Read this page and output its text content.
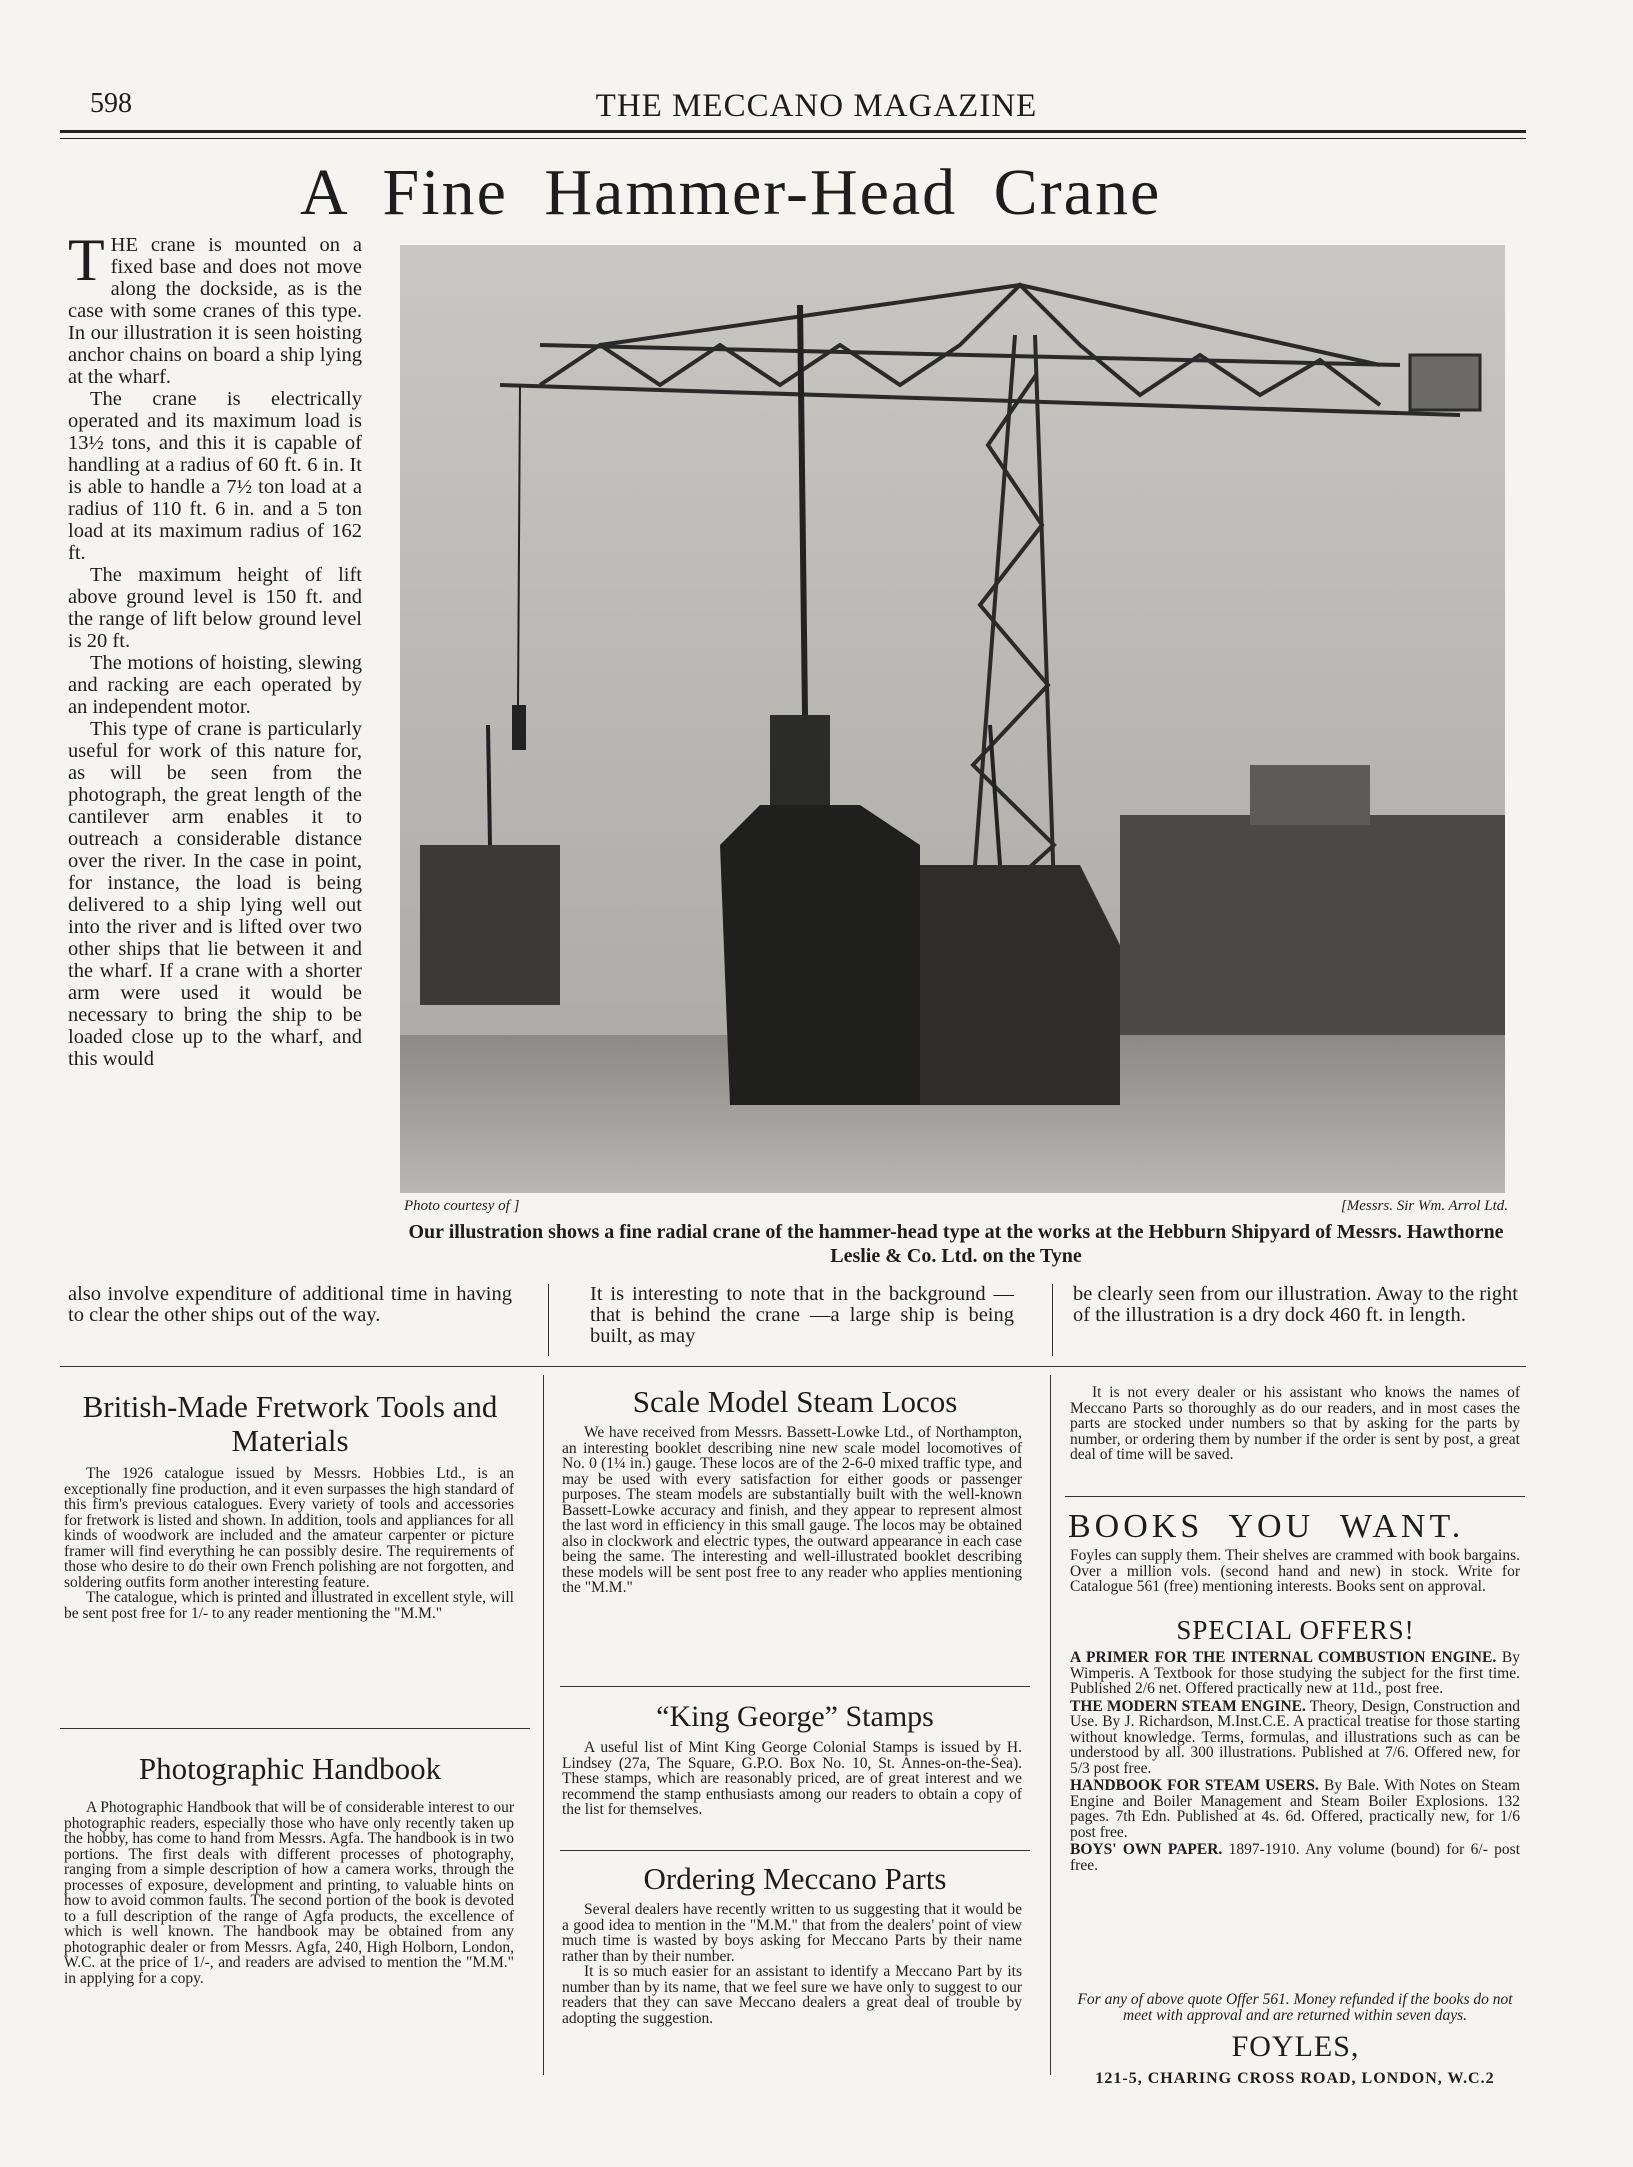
598	THE MECCANO MAGAZINE
A Fine Hammer-Head Crane

THE crane is mounted on a fixed base and does not move along the dockside, as is the case with some cranes of this type. In our illustration it is seen hoisting anchor chains on board a ship lying at the wharf.

The crane is electrically operated and its maximum load is 13½ tons, and this it is capable of handling at a radius of 60 ft. 6 in. It is able to handle a 7½ ton load at a radius of 110 ft. 6 in. and a 5 ton load at its maximum radius of 162 ft.

The maximum height of lift above ground level is 150 ft. and the range of lift below ground level is 20 ft.

The motions of hoisting, slewing and racking are each operated by an independent motor.

This type of crane is particularly useful for work of this nature for, as will be seen from the photograph, the great length of the cantilever arm enables it to outreach a considerable distance over the river. In the case in point, for instance, the load is being delivered to a ship lying well out into the river and is lifted over two other ships that lie between it and the wharf. If a crane with a shorter arm were used it would be necessary to bring the ship to be loaded close up to the wharf, and this would

Photo courtesy of ]	[Messrs. Sir Wm. Arrol Ltd.
Our illustration shows a fine radial crane of the hammer-head type at the works at the Hebburn Shipyard of Messrs. Hawthorne Leslie & Co. Ltd. on the Tyne
also involve expenditure of additional time in having to clear the other ships out of the way.
It is interesting to note that in the background — that is behind the crane —a large ship is being built, as may
be clearly seen from our illustration. Away to the right of the illustration is a dry dock 460 ft. in length.
British-Made Fretwork Tools and Materials

The 1926 catalogue issued by Messrs. Hobbies Ltd., is an exceptionally fine production, and it even surpasses the high standard of this firm's previous catalogues. Every variety of tools and accessories for fretwork is listed and shown. In addition, tools and appliances for all kinds of woodwork are included and the amateur carpenter or picture framer will find everything he can possibly desire. The requirements of those who desire to do their own French polishing are not forgotten, and soldering outfits form another interesting feature.

The catalogue, which is printed and illustrated in excellent style, will be sent post free for 1/- to any reader mentioning the "M.M."

Photographic Handbook

A Photographic Handbook that will be of considerable interest to our photographic readers, especially those who have only recently taken up the hobby, has come to hand from Messrs. Agfa. The handbook is in two portions. The first deals with different processes of photography, ranging from a simple description of how a camera works, through the processes of exposure, development and printing, to valuable hints on how to avoid common faults. The second portion of the book is devoted to a full description of the range of Agfa products, the excellence of which is well known. The handbook may be obtained from any photographic dealer or from Messrs. Agfa, 240, High Holborn, London, W.C. at the price of 1/-, and readers are advised to mention the "M.M." in applying for a copy.

Scale Model Steam Locos

We have received from Messrs. Bassett-Lowke Ltd., of Northampton, an interesting booklet describing nine new scale model locomotives of No. 0 (1¼ in.) gauge. These locos are of the 2-6-0 mixed traffic type, and may be used with every satisfaction for either goods or passenger purposes. The steam models are substantially built with the well-known Bassett-Lowke accuracy and finish, and they appear to represent almost the last word in efficiency in this small gauge. The locos may be obtained also in clockwork and electric types, the outward appearance in each case being the same. The interesting and well-illustrated booklet describing these models will be sent post free to any reader who applies mentioning the "M.M."

“King George” Stamps

A useful list of Mint King George Colonial Stamps is issued by H. Lindsey (27a, The Square, G.P.O. Box No. 10, St. Annes-on-the-Sea). These stamps, which are reasonably priced, are of great interest and we recommend the stamp enthusiasts among our readers to obtain a copy of the list for themselves.

Ordering Meccano Parts

Several dealers have recently written to us suggesting that it would be a good idea to mention in the "M.M." that from the dealers' point of view much time is wasted by boys asking for Meccano Parts by their name rather than by their number.

It is so much easier for an assistant to identify a Meccano Part by its number than by its name, that we feel sure we have only to suggest to our readers that they can save Meccano dealers a great deal of trouble by adopting the suggestion.

It is not every dealer or his assistant who knows the names of Meccano Parts so thoroughly as do our readers, and in most cases the parts are stocked under numbers so that by asking for the parts by number, or ordering them by number if the order is sent by post, a great deal of time will be saved.

BOOKS YOU WANT.
Foyles can supply them. Their shelves are crammed with book bargains. Over a million vols. (second hand and new) in stock. Write for Catalogue 561 (free) mentioning interests. Books sent on approval.
SPECIAL OFFERS!
A PRIMER FOR THE INTERNAL COMBUSTION ENGINE. By Wimperis. A Textbook for those studying the subject for the first time. Published 2/6 net. Offered practically new at 11d., post free.
THE MODERN STEAM ENGINE. Theory, Design, Construction and Use. By J. Richardson, M.Inst.C.E. A practical treatise for those starting without knowledge. Terms, formulas, and illustrations such as can be understood by all. 300 illustrations. Published at 7/6. Offered new, for 5/3 post free.
HANDBOOK FOR STEAM USERS. By Bale. With Notes on Steam Engine and Boiler Management and Steam Boiler Explosions. 132 pages. 7th Edn. Published at 4s. 6d. Offered, practically new, for 1/6 post free.
BOYS' OWN PAPER. 1897-1910. Any volume (bound) for 6/- post free.
For any of above quote Offer 561. Money refunded if the books do not meet with approval and are returned within seven days.
FOYLES,
121-5, CHARING CROSS ROAD, LONDON, W.C.2
